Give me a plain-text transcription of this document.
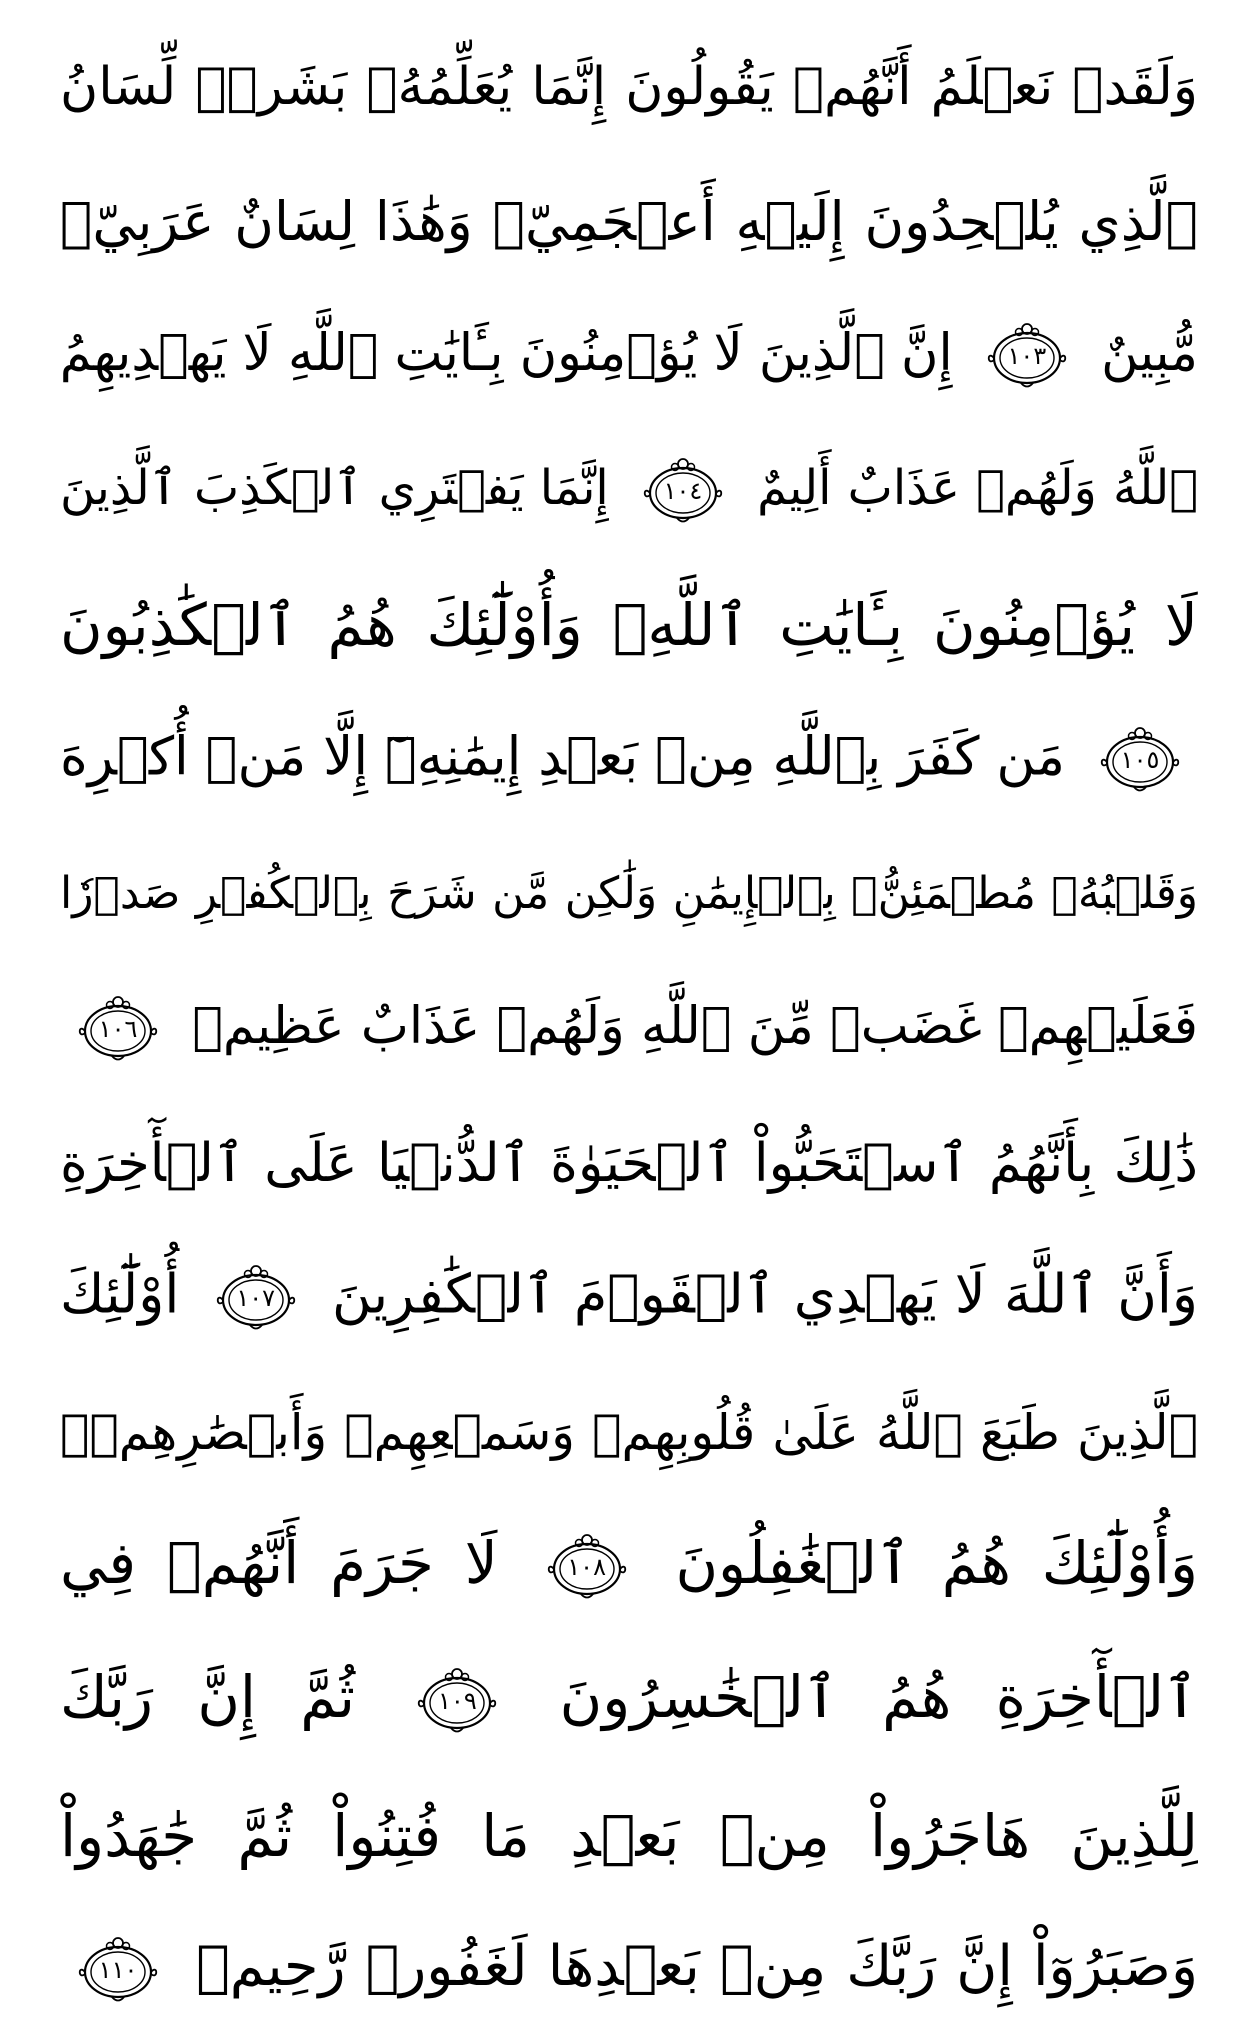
وَلَقَدۡ نَعۡلَمُ أَنَّهُمۡ يَقُولُونَ إِنَّمَا يُعَلِّمُهُۥ بَشَرٞۗ لِّسَانُ
ٱلَّذِي يُلۡحِدُونَ إِلَيۡهِ أَعۡجَمِيّٞ وَهَٰذَا لِسَانٌ عَرَبِيّٞ
مُّبِينٌ
١٠٣
إِنَّ ٱلَّذِينَ لَا يُؤۡمِنُونَ بِـَٔايَٰتِ ٱللَّهِ لَا يَهۡدِيهِمُ
ٱللَّهُ وَلَهُمۡ عَذَابٌ أَلِيمٌ
١٠٤
إِنَّمَا يَفۡتَرِي ٱلۡكَذِبَ ٱلَّذِينَ
لَا يُؤۡمِنُونَ بِـَٔايَٰتِ ٱللَّهِۖ وَأُوْلَٰٓئِكَ هُمُ ٱلۡكَٰذِبُونَ
١٠٥
مَن كَفَرَ بِٱللَّهِ مِنۢ بَعۡدِ إِيمَٰنِهِۦٓ إِلَّا مَنۡ أُكۡرِهَ
وَقَلۡبُهُۥ مُطۡمَئِنُّۢ بِٱلۡإِيمَٰنِ وَلَٰكِن مَّن شَرَحَ بِٱلۡكُفۡرِ صَدۡرٗا
فَعَلَيۡهِمۡ غَضَبٞ مِّنَ ٱللَّهِ وَلَهُمۡ عَذَابٌ عَظِيمٞ
١٠٦
ذَٰلِكَ بِأَنَّهُمُ ٱسۡتَحَبُّواْ ٱلۡحَيَوٰةَ ٱلدُّنۡيَا عَلَى ٱلۡأٓخِرَةِ
وَأَنَّ ٱللَّهَ لَا يَهۡدِي ٱلۡقَوۡمَ ٱلۡكَٰفِرِينَ
١٠٧
أُوْلَٰٓئِكَ
ٱلَّذِينَ طَبَعَ ٱللَّهُ عَلَىٰ قُلُوبِهِمۡ وَسَمۡعِهِمۡ وَأَبۡصَٰرِهِمۡۖ
وَأُوْلَٰٓئِكَ هُمُ ٱلۡغَٰفِلُونَ
١٠٨
لَا جَرَمَ أَنَّهُمۡ فِي
ٱلۡأٓخِرَةِ هُمُ ٱلۡخَٰسِرُونَ
١٠٩
ثُمَّ إِنَّ رَبَّكَ
لِلَّذِينَ هَاجَرُواْ مِنۢ بَعۡدِ مَا فُتِنُواْ ثُمَّ جَٰهَدُواْ
وَصَبَرُوٓاْ إِنَّ رَبَّكَ مِنۢ بَعۡدِهَا لَغَفُورٞ رَّحِيمٞ
١١٠
